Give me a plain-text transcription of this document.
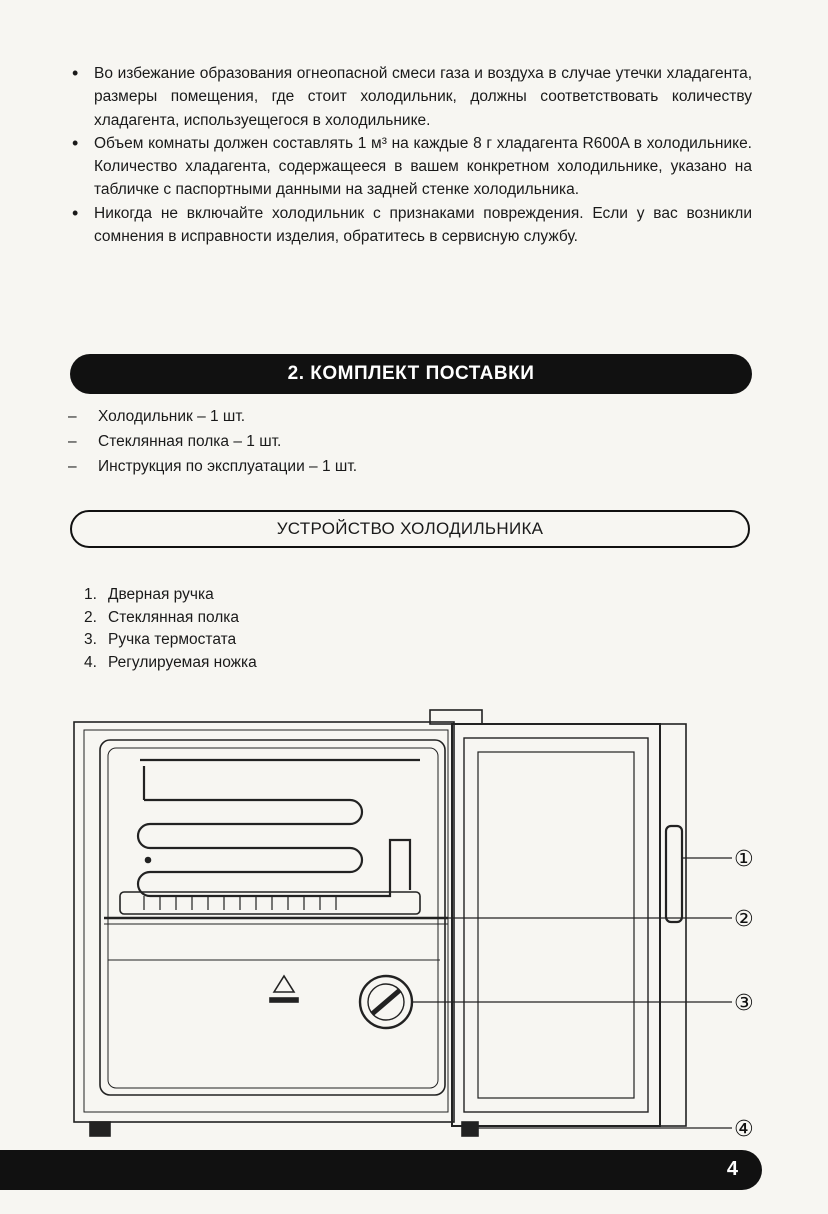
• Во избежание образования огнеопасной смеси газа и воздуха в случае утечки хладагента, размеры помещения, где стоит холодильник, должны соответствовать количеству хладагента, используещегося в холодильнике.
• Объем комнаты должен составлять 1 м³ на каждые 8 г хладагента R600A в холодильнике. Количество хладагента, содержащееся в вашем конкретном холодильнике, указано на табличке с паспортными данными на задней стенке холодильника.
• Никогда не включайте холодильник с признаками повреждения. Если у вас возникли сомнения в исправности изделия, обратитесь в сервисную службу.
2. КОМПЛЕКТ ПОСТАВКИ
– Холодильник – 1 шт.
– Стеклянная полка – 1 шт.
– Инструкция по эксплуатации – 1 шт.
УСТРОЙСТВО ХОЛОДИЛЬНИКА
1. Дверная ручка
2. Стеклянная полка
3. Ручка термостата
4. Регулируемая ножка
①
②
③
④
4
